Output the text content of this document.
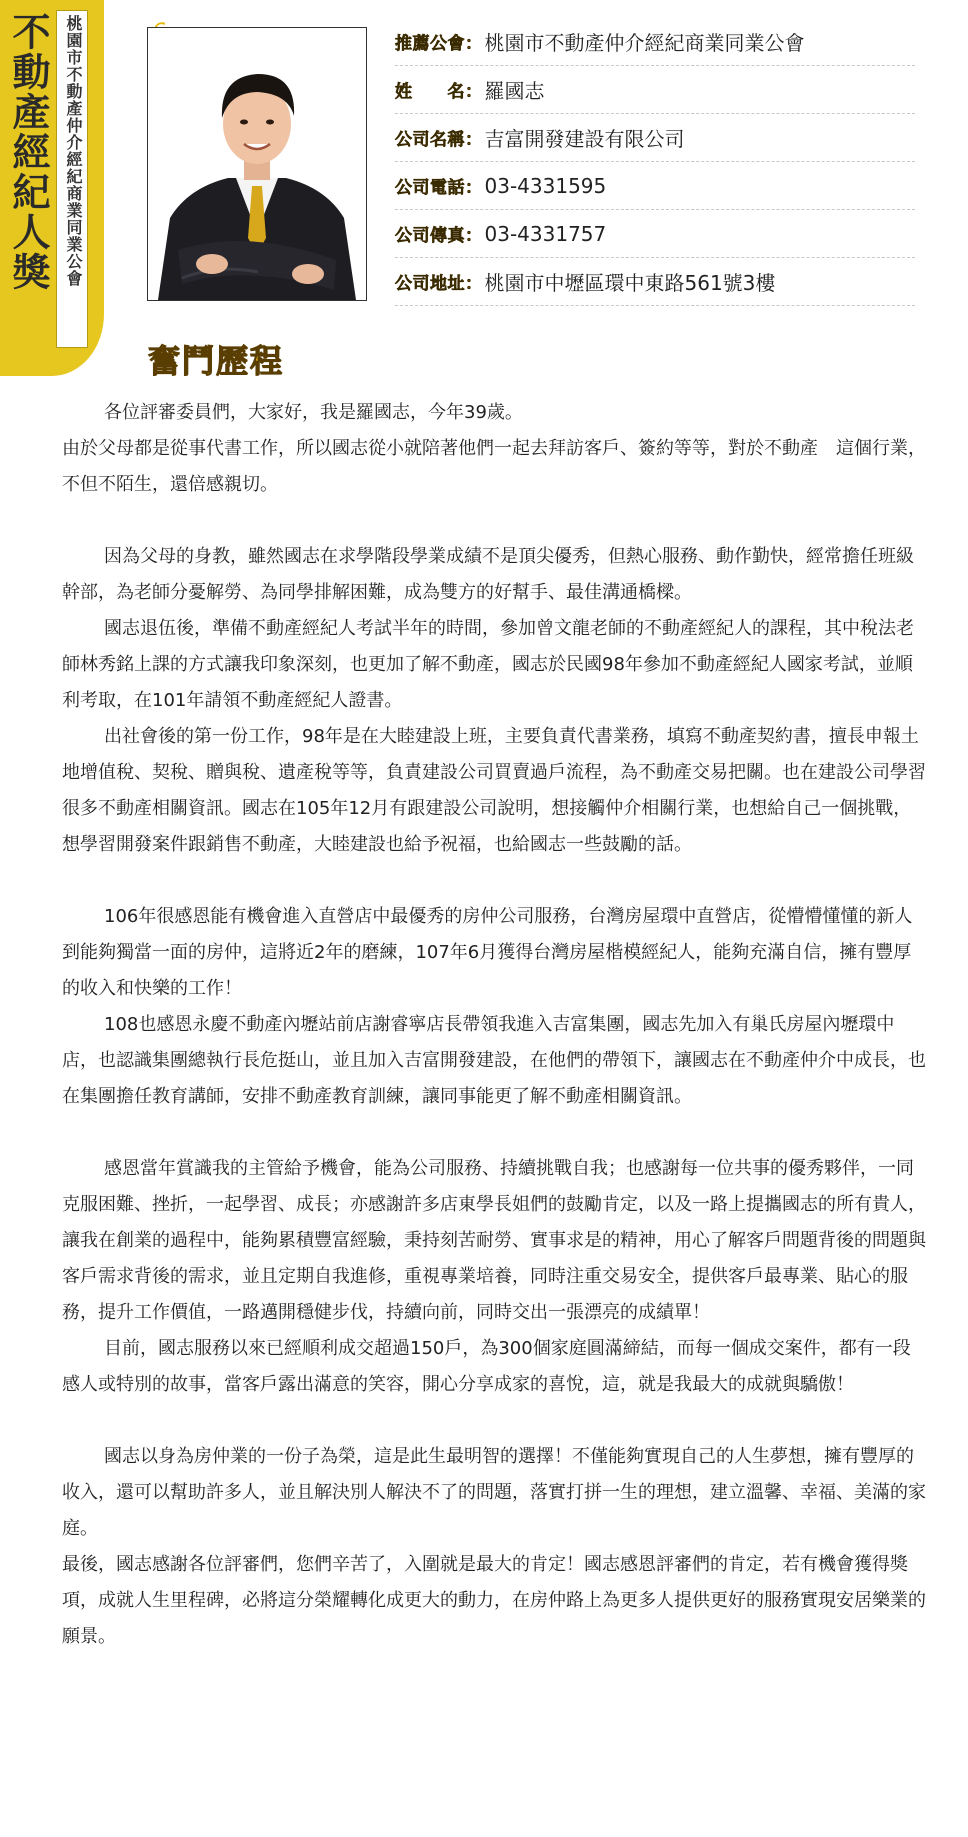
不動產經紀人獎 桃園市不動產仲介經紀商業同業公會	推薦公會 ： 桃園市不動產仲介經紀商業同業公會
姓　　名 ： 羅國志
公司名稱 ： 吉富開發建設有限公司
公司電話 ： 03-4331595
公司傳真 ： 03-4331757
公司地址 ： 桃園市中壢區環中東路561號3樓
奮鬥歷程

各位評審委員們，大家好，我是羅國志，今年39歲。

由於父母都是從事代書工作，所以國志從小就陪著他們一起去拜訪客戶、簽約等等，對於不動產　這個行業，不但不陌生，還倍感親切。

因為父母的身教，雖然國志在求學階段學業成績不是頂尖優秀，但熱心服務、動作勤快，經常擔任班級幹部，為老師分憂解勞、為同學排解困難，成為雙方的好幫手、最佳溝通橋樑。

國志退伍後，準備不動產經紀人考試半年的時間，參加曾文龍老師的不動產經紀人的課程，其中稅法老師林秀銘上課的方式讓我印象深刻，也更加了解不動產，國志於民國98年參加不動產經紀人國家考試，並順利考取，在101年請領不動產經紀人證書。

出社會後的第一份工作，98年是在大睦建設上班，主要負責代書業務，填寫不動產契約書，擅長申報土地增值稅、契稅、贈與稅、遺產稅等等，負責建設公司買賣過戶流程，為不動產交易把關。也在建設公司學習很多不動產相關資訊。國志在105年12月有跟建設公司說明，想接觸仲介相關行業，也想給自己一個挑戰，想學習開發案件跟銷售不動產，大睦建設也給予祝福，也給國志一些鼓勵的話。

106年很感恩能有機會進入直營店中最優秀的房仲公司服務，台灣房屋環中直營店，從懵懵懂懂的新人到能夠獨當一面的房仲，這將近2年的磨練，107年6月獲得台灣房屋楷模經紀人，能夠充滿自信，擁有豐厚的收入和快樂的工作！

108也感恩永慶不動產內壢站前店謝睿寧店長帶領我進入吉富集團，國志先加入有巢氏房屋內壢環中店，也認識集團總執行長危挺山，並且加入吉富開發建設，在他們的帶領下，讓國志在不動產仲介中成長，也在集團擔任教育講師，安排不動產教育訓練，讓同事能更了解不動產相關資訊。

感恩當年賞識我的主管給予機會，能為公司服務、持續挑戰自我；也感謝每一位共事的優秀夥伴，一同克服困難、挫折，一起學習、成長；亦感謝許多店東學長姐們的鼓勵肯定，以及一路上提攜國志的所有貴人，讓我在創業的過程中，能夠累積豐富經驗，秉持刻苦耐勞、實事求是的精神，用心了解客戶問題背後的問題與客戶需求背後的需求，並且定期自我進修，重視專業培養，同時注重交易安全，提供客戶最專業、貼心的服務，提升工作價值，一路邁開穩健步伐，持續向前，同時交出一張漂亮的成績單！

目前，國志服務以來已經順利成交超過150戶，為300個家庭圓滿締結，而每一個成交案件，都有一段感人或特別的故事，當客戶露出滿意的笑容，開心分享成家的喜悅，這，就是我最大的成就與驕傲！

國志以身為房仲業的一份子為榮，這是此生最明智的選擇！不僅能夠實現自己的人生夢想，擁有豐厚的收入，還可以幫助許多人，並且解決別人解決不了的問題，落實打拼一生的理想，建立溫馨、幸福、美滿的家庭。

最後，國志感謝各位評審們，您們辛苦了，入圍就是最大的肯定！國志感恩評審們的肯定，若有機會獲得獎項，成就人生里程碑，必將這分榮耀轉化成更大的動力，在房仲路上為更多人提供更好的服務實現安居樂業的願景。
